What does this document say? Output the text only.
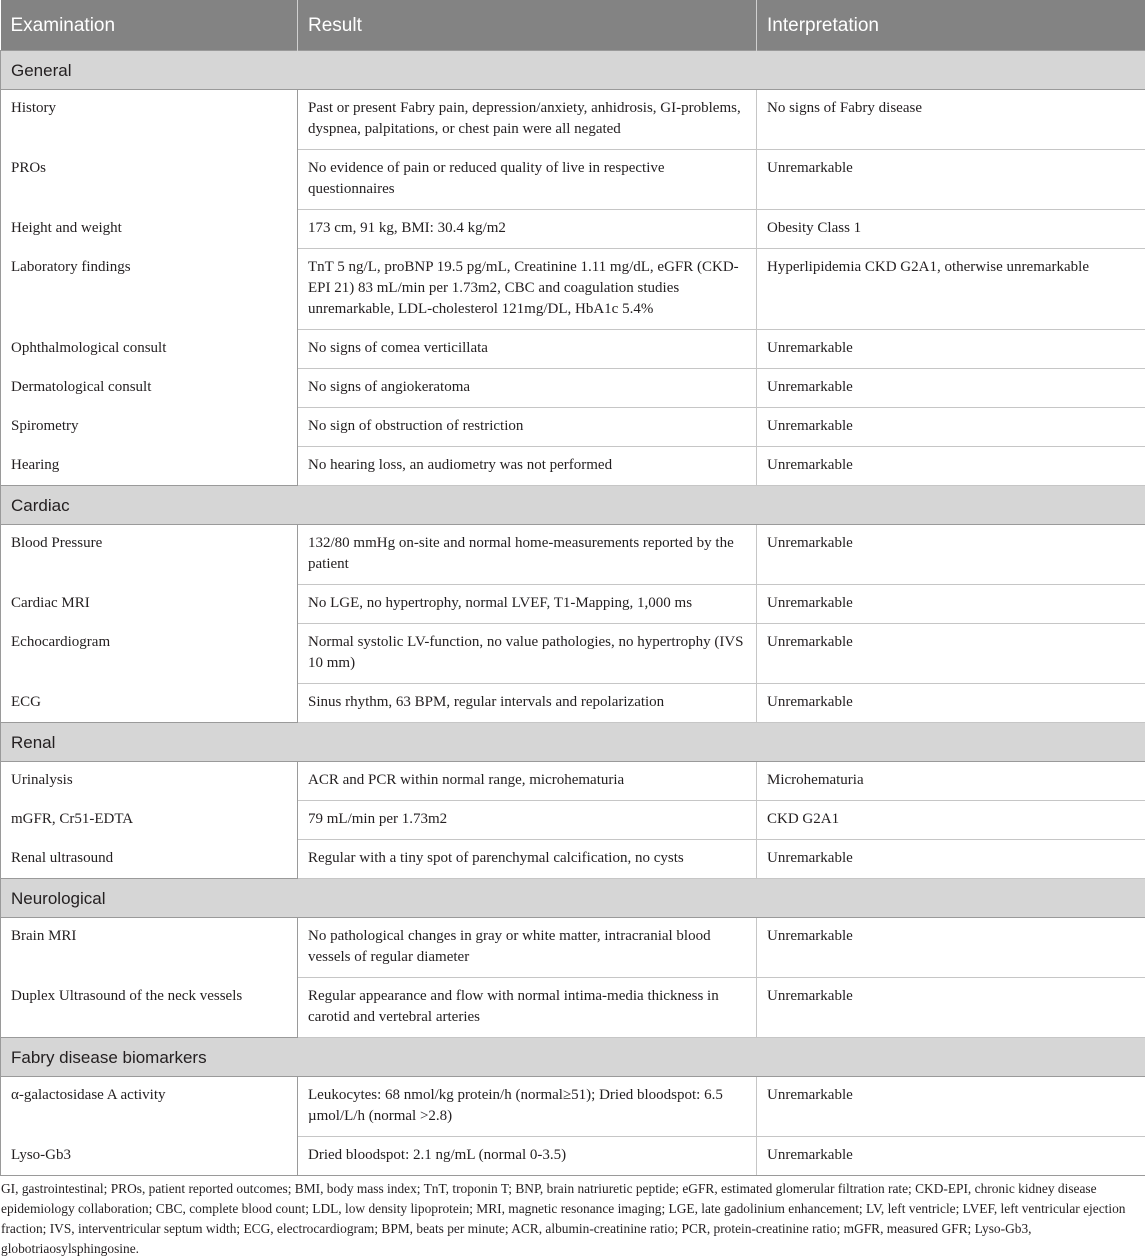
Examination	Result	Interpretation
General		
History	Past or present Fabry pain, depression/anxiety, anhidrosis, GI-problems, dyspnea, palpitations, or chest pain were all negated	No signs of Fabry disease
PROs	No evidence of pain or reduced quality of live in respective questionnaires	Unremarkable
Height and weight	173 cm, 91 kg, BMI: 30.4 kg/m2	Obesity Class 1
Laboratory findings	TnT 5 ng/L, proBNP 19.5 pg/mL, Creatinine 1.11 mg/dL, eGFR (CKD-EPI 21) 83 mL/min per 1.73m2, CBC and coagulation studies unremarkable, LDL-cholesterol 121mg/DL, HbA1c 5.4%	Hyperlipidemia CKD G2A1, otherwise unremarkable
Ophthalmological consult	No signs of comea verticillata	Unremarkable
Dermatological consult	No signs of angiokeratoma	Unremarkable
Spirometry	No sign of obstruction of restriction	Unremarkable
Hearing	No hearing loss, an audiometry was not performed	Unremarkable
Cardiac		
Blood Pressure	132/80 mmHg on-site and normal home-measurements reported by the patient	Unremarkable
Cardiac MRI	No LGE, no hypertrophy, normal LVEF, T1-Mapping, 1,000 ms	Unremarkable
Echocardiogram	Normal systolic LV-function, no value pathologies, no hypertrophy (IVS 10 mm)	Unremarkable
ECG	Sinus rhythm, 63 BPM, regular intervals and repolarization	Unremarkable
Renal		
Urinalysis	ACR and PCR within normal range, microhematuria	Microhematuria
mGFR, Cr51-EDTA	79 mL/min per 1.73m2	CKD G2A1
Renal ultrasound	Regular with a tiny spot of parenchymal calcification, no cysts	Unremarkable
Neurological		
Brain MRI	No pathological changes in gray or white matter, intracranial blood vessels of regular diameter	Unremarkable
Duplex Ultrasound of the neck vessels	Regular appearance and flow with normal intima-media thickness in carotid and vertebral arteries	Unremarkable
Fabry disease biomarkers		
α-galactosidase A activity	Leukocytes: 68 nmol/kg protein/h (normal≥51); Dried bloodspot: 6.5 µmol/L/h (normal >2.8)	Unremarkable
Lyso-Gb3	Dried bloodspot: 2.1 ng/mL (normal 0-3.5)	Unremarkable

GI, gastrointestinal; PROs, patient reported outcomes; BMI, body mass index; TnT, troponin T; BNP, brain natriuretic peptide; eGFR, estimated glomerular filtration rate; CKD-EPI, chronic kidney disease epidemiology collaboration; CBC, complete blood count; LDL, low density lipoprotein; MRI, magnetic resonance imaging; LGE, late gadolinium enhancement; LV, left ventricle; LVEF, left ventricular ejection fraction; IVS, interventricular septum width; ECG, electrocardiogram; BPM, beats per minute; ACR, albumin-creatinine ratio; PCR, protein-creatinine ratio; mGFR, measured GFR; Lyso-Gb3, globotriaosylsphingosine.
